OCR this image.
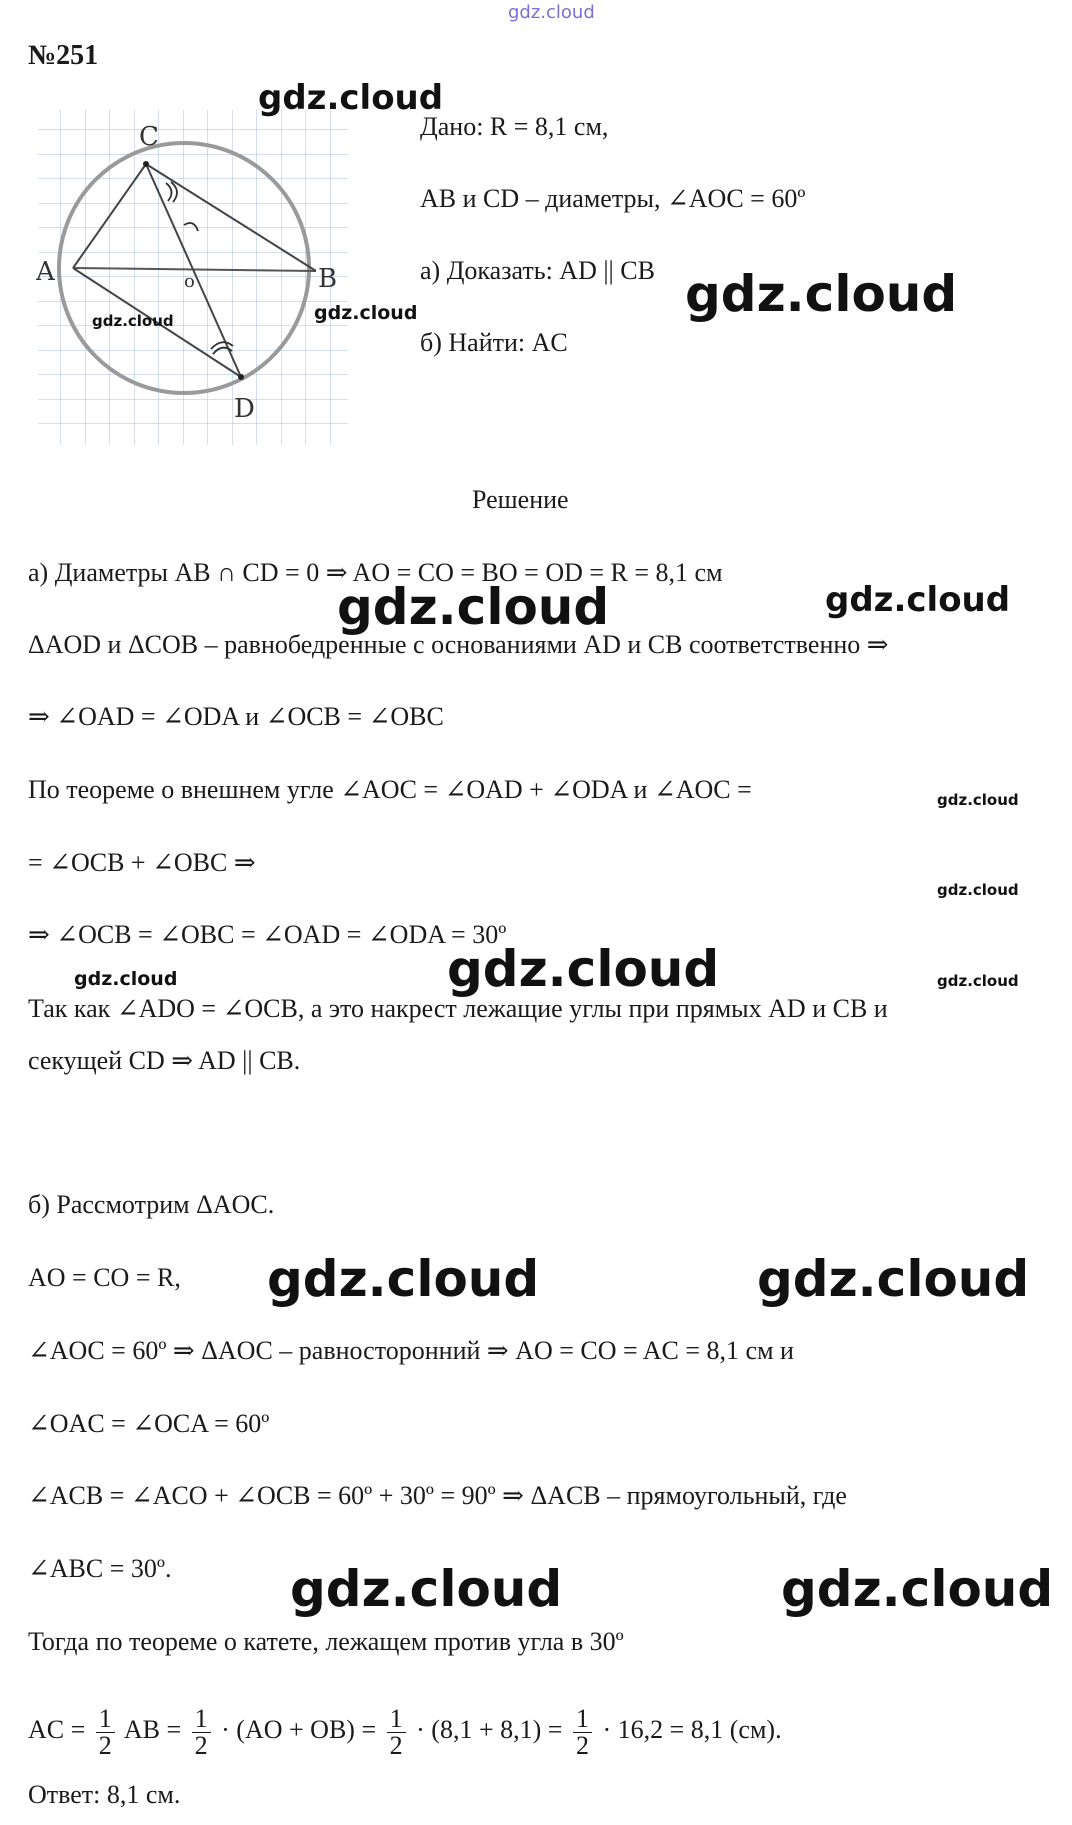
gdz.cloud
№251
C
A	B
D
o
Дано: R = 8,1 см,
AB и CD – диаметры, ∠AOC = 60º
а) Доказать: AD || CB
б) Найти: AC
Решение
а) Диаметры AB ∩ CD = 0 ⇒ AO = CO = BO = OD = R = 8,1 см
ΔAOD и ΔCOB – равнобедренные с основаниями AD и CB соответственно ⇒
⇒ ∠OAD = ∠ODA и ∠OCB = ∠OBC
По теореме о внешнем угле ∠AOC = ∠OAD + ∠ODA и ∠AOC =
= ∠OCB + ∠OBC ⇒
⇒ ∠OCB = ∠OBC = ∠OAD = ∠ODA = 30º
Так как ∠ADO = ∠OCB, а это накрест лежащие углы при прямых AD и CB и
секущей CD ⇒ AD || CB.
б) Рассмотрим ΔAOC.
AO = CO = R,
∠AOC = 60º ⇒ ΔAOC – равносторонний ⇒ AO = CO = AC = 8,1 см и
∠OAC = ∠OCA = 60º
∠ACB = ∠ACO + ∠OCB = 60º + 30º = 90º ⇒ ΔACB – прямоугольный, где
∠ABC = 30º.
Тогда по теореме о катете, лежащем против угла в 30º
AC = $\frac{1}{2}$ AB = $\frac{1}{2} \cdot (AO + OB) = \frac{1}{2} \cdot (8,1 + 8,1) = \frac{1}{2} \cdot 16,2 = 8,1$ (см).
Ответ: 8,1 см.
gdz.cloud
gdz.cloud
gdz.cloud
gdz.cloud
gdz.cloud	gdz.cloud
gdz.cloud
gdz.cloud
gdz.cloud
gdz.cloud	gdz.cloud
gdz.cloud	gdz.cloud
gdz.cloud	gdz.cloud
